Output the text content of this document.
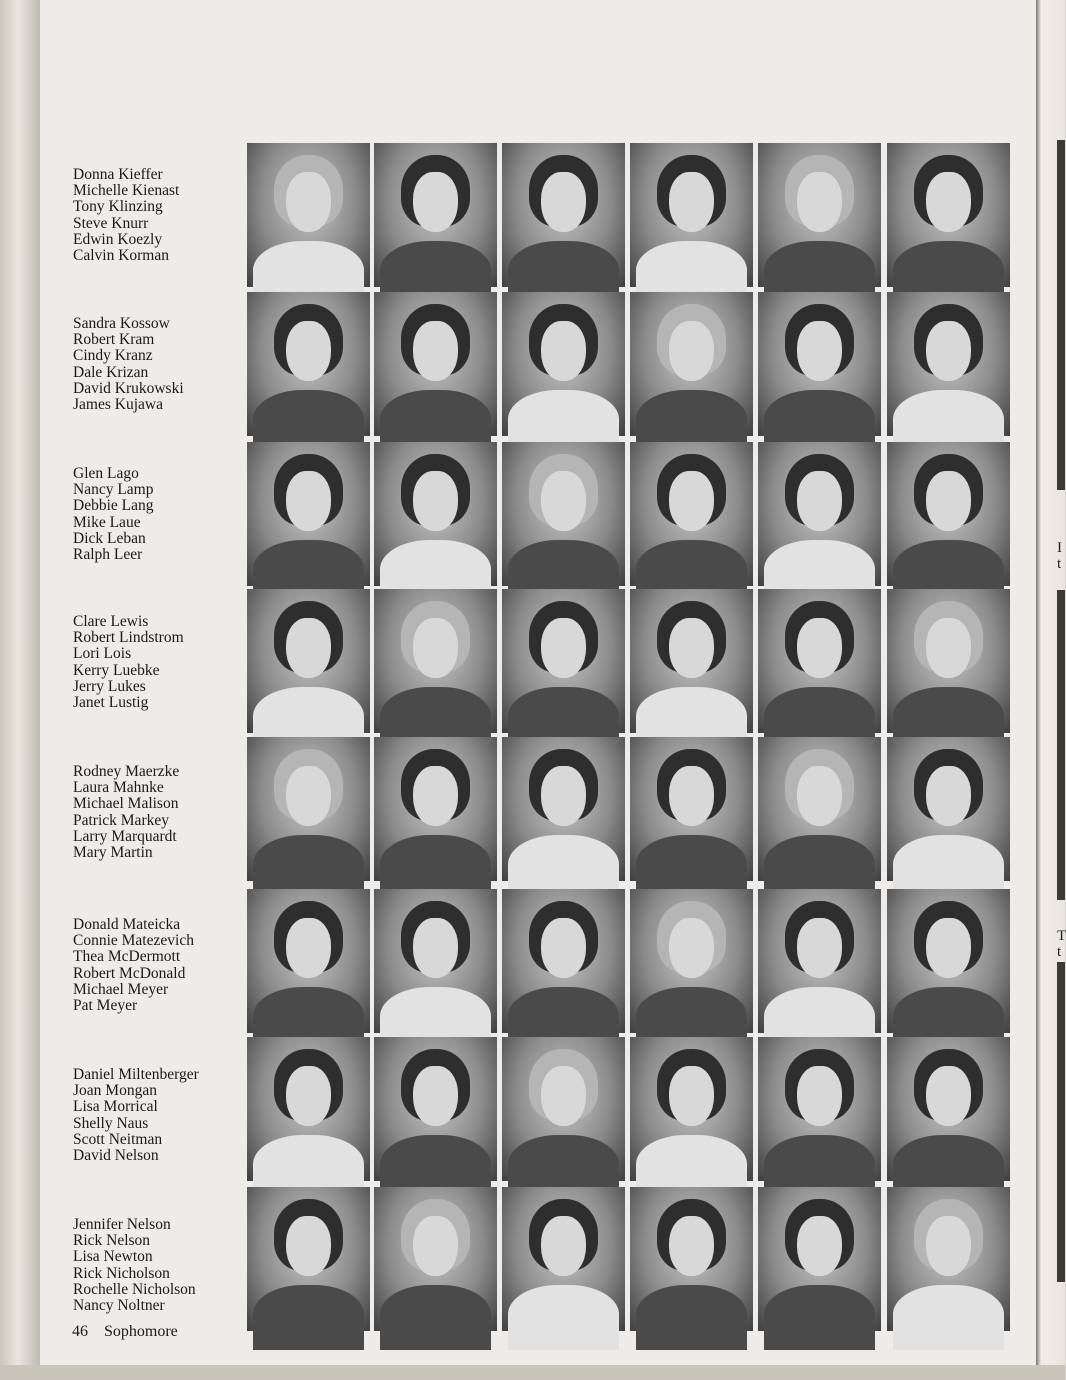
I
t
T
t
Donna Kieffer
Michelle Kienast
Tony Klinzing
Steve Knurr
Edwin Koezly
Calvin Korman
Sandra Kossow
Robert Kram
Cindy Kranz
Dale Krizan
David Krukowski
James Kujawa
Glen Lago
Nancy Lamp
Debbie Lang
Mike Laue
Dick Leban
Ralph Leer
Clare Lewis
Robert Lindstrom
Lori Lois
Kerry Luebke
Jerry Lukes
Janet Lustig
Rodney Maerzke
Laura Mahnke
Michael Malison
Patrick Markey
Larry Marquardt
Mary Martin
Donald Mateicka
Connie Matezevich
Thea McDermott
Robert McDonald
Michael Meyer
Pat Meyer
Daniel Miltenberger
Joan Mongan
Lisa Morrical
Shelly Naus
Scott Neitman
David Nelson
Jennifer Nelson
Rick Nelson
Lisa Newton
Rick Nicholson
Rochelle Nicholson
Nancy Noltner
46 Sophomore
